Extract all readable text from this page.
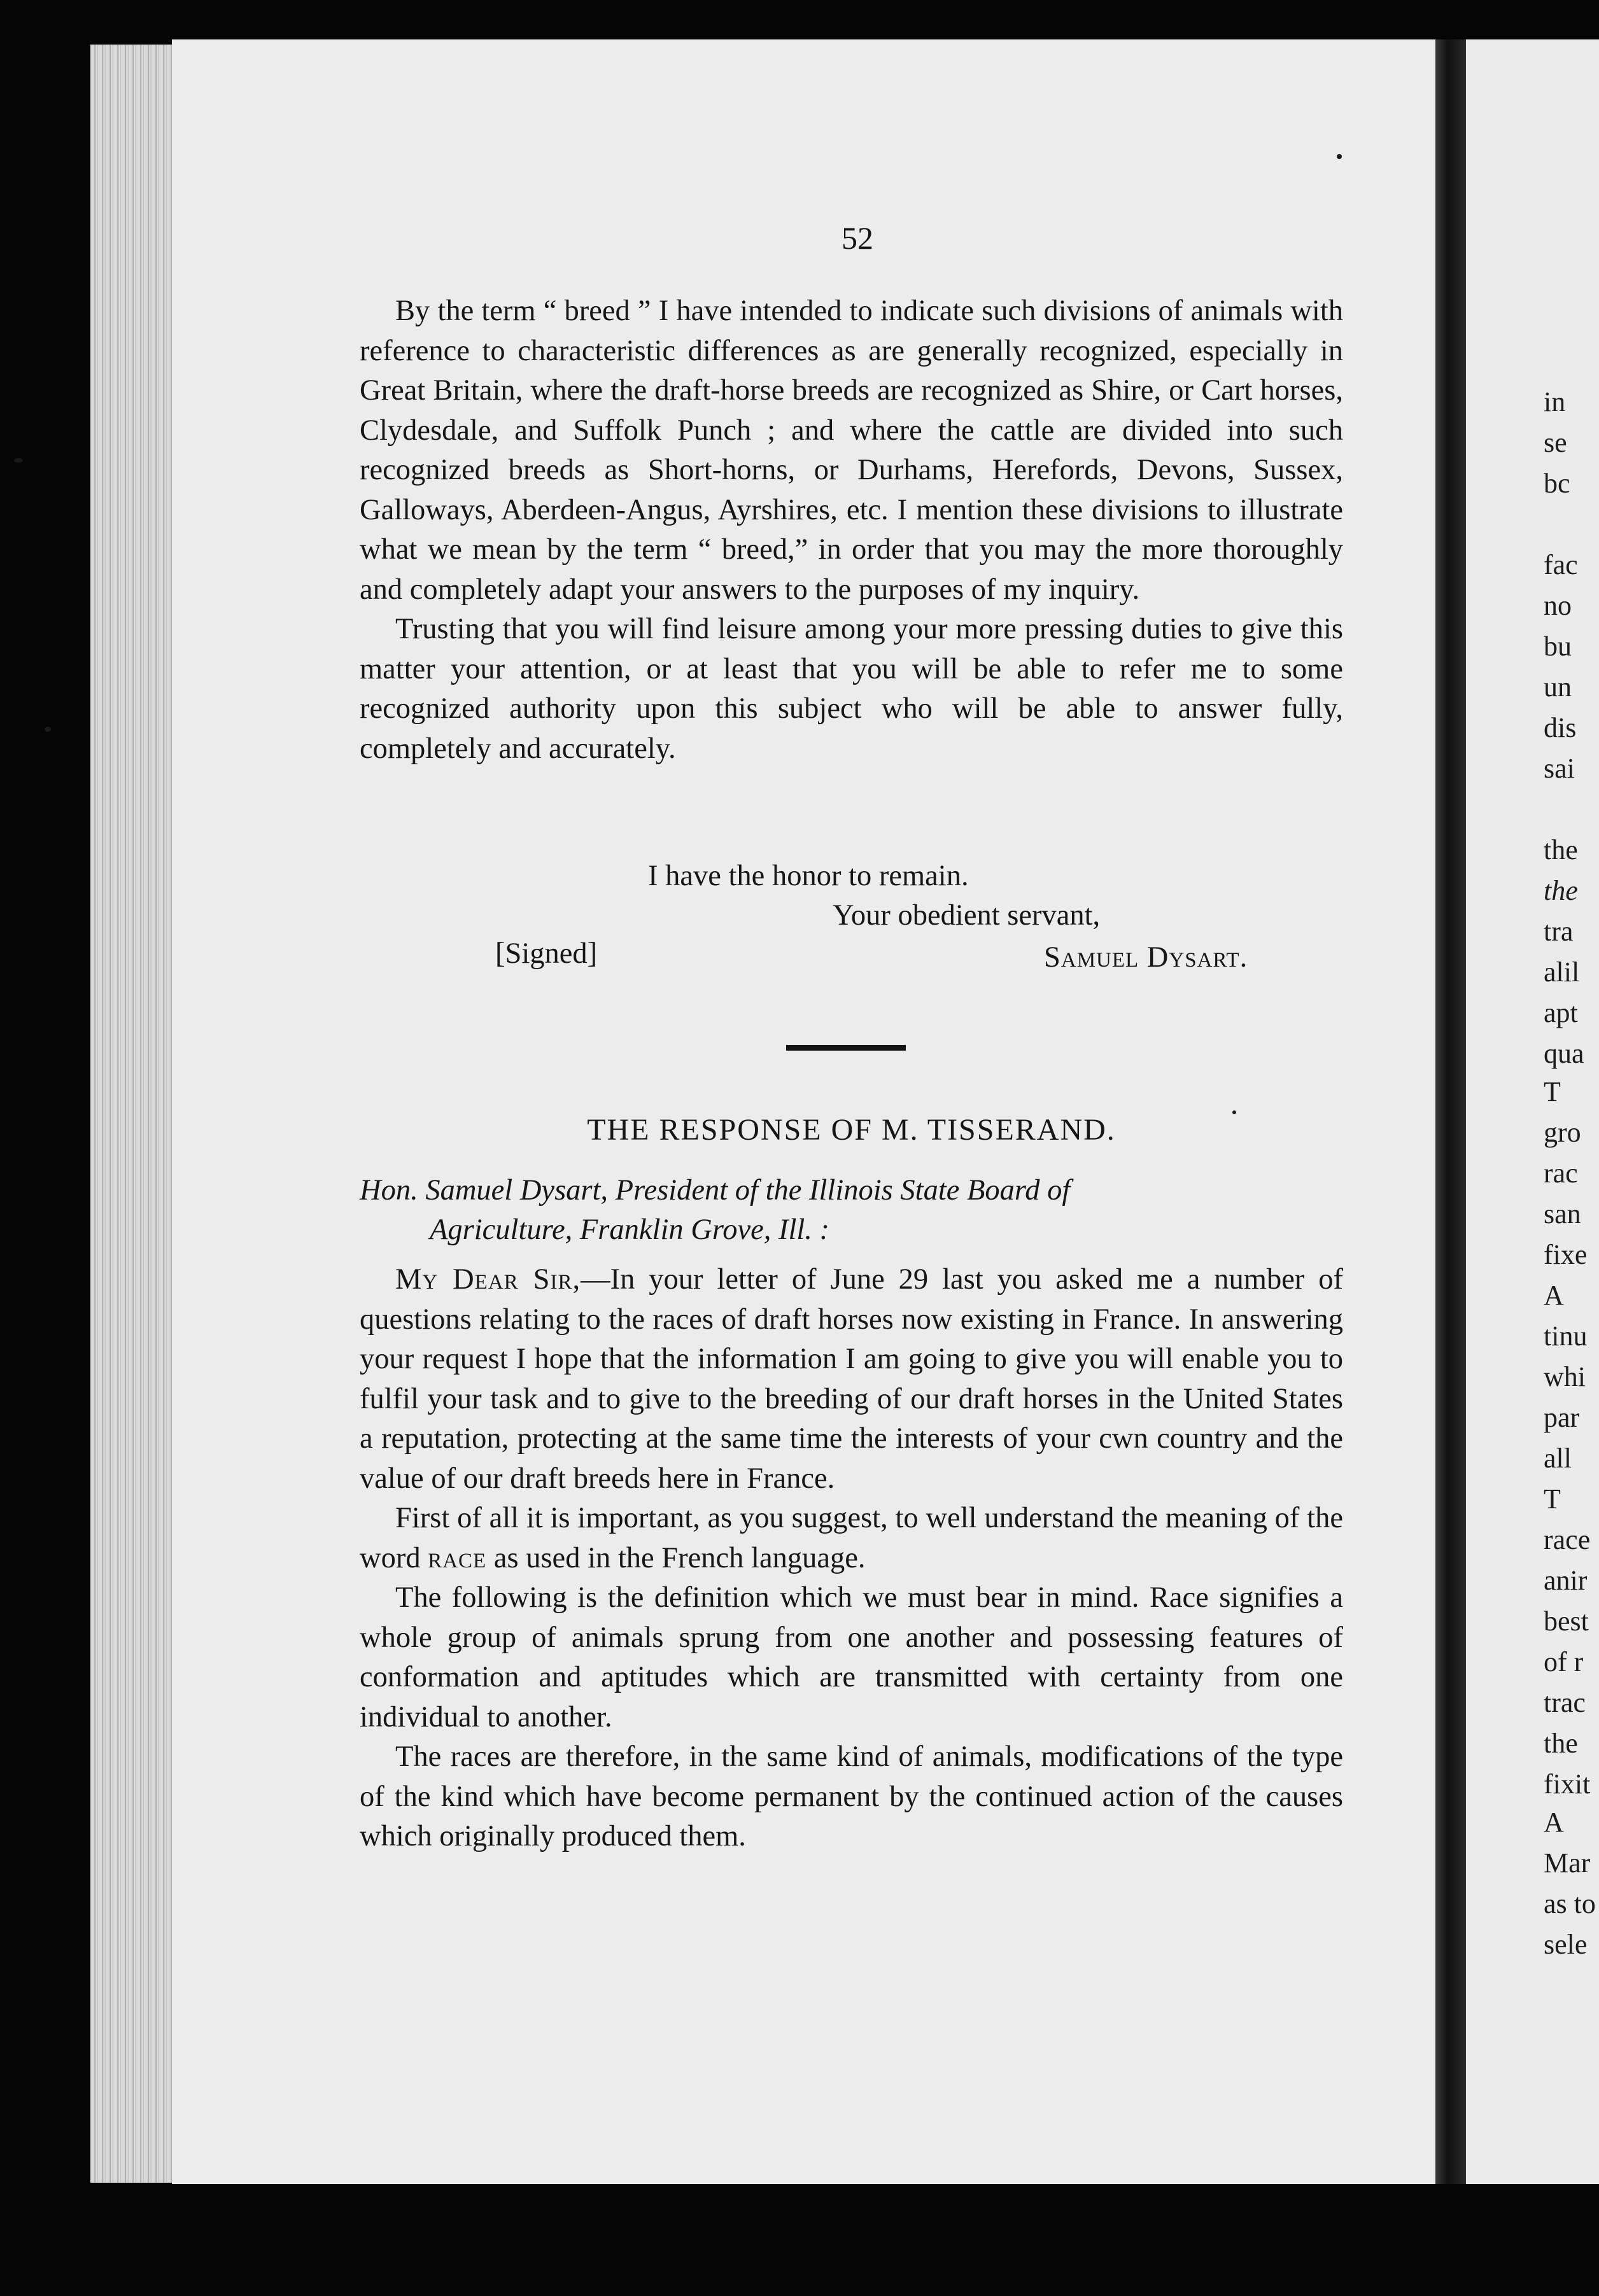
in
se
bc
fac
no
bu
un
dis
sai
the
the
tra
alil
apt
qua
T
gro
rac
san
fixe
A
tinu
whi
par
all
T
race
anir
best
of r
trac
the
fixit
A
Mar
as to
sele
52

By the term “ breed ” I have intended to indicate such divisions of animals with reference to characteristic differences as are generally recognized, especially in Great Britain, where the draft-horse breeds are recognized as Shire, or Cart horses, Clydesdale, and Suffolk Punch ; and where the cattle are divided into such recognized breeds as Short-horns, or Durhams, Herefords, Devons, Sussex, Galloways, Aberdeen-Angus, Ayrshires, etc. I mention these divisions to illustrate what we mean by the term “ breed,” in order that you may the more thoroughly and completely adapt your answers to the purposes of my inquiry.

Trusting that you will find leisure among your more pressing duties to give this matter your attention, or at least that you will be able to refer me to some recognized authority upon this subject who will be able to answer fully, completely and accurately.

I have the honor to remain.
Your obedient servant,
[Signed]	Samuel Dysart.
THE RESPONSE OF M. TISSERAND.
Hon. Samuel Dysart, President of the Illinois State Board of
Agriculture, Franklin Grove, Ill. :

My Dear Sir,—In your letter of June 29 last you asked me a number of questions relating to the races of draft horses now existing in France. In answering your request I hope that the information I am going to give you will enable you to fulfil your task and to give to the breeding of our draft horses in the United States a reputation, protecting at the same time the interests of your cwn country and the value of our draft breeds here in France.

First of all it is important, as you suggest, to well understand the meaning of the word race as used in the French language.

The following is the definition which we must bear in mind. Race signifies a whole group of animals sprung from one another and possessing features of conformation and aptitudes which are transmitted with certainty from one individual to another.

The races are therefore, in the same kind of animals, modifications of the type of the kind which have become permanent by the continued action of the causes which originally produced them.
